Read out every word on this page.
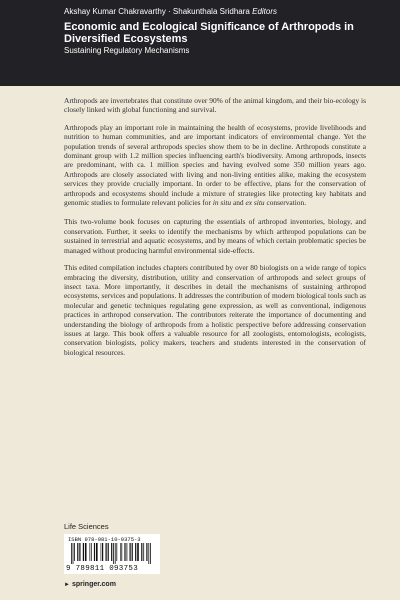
Akshay Kumar Chakravarthy · Shakunthala Sridhara Editors
Economic and Ecological Significance of Arthropods in Diversified Ecosystems
Sustaining Regulatory Mechanisms

Arthropods are invertebrates that constitute over 90% of the animal kingdom, and their bio-ecology is closely linked with global functioning and survival.

Arthropods play an important role in maintaining the health of ecosystems, provide livelihoods and nutrition to human communities, and are important indicators of environmental change. Yet the population trends of several arthropods species show them to be in decline. Arthropods constitute a dominant group with 1.2 million species influencing earth's biodiversity. Among arthropods, insects are predominant, with ca. 1 million species and having evolved some 350 million years ago. Arthropods are closely associated with living and non-living entities alike, making the ecosystem services they provide crucially important. In order to be effective, plans for the conservation of arthropods and ecosystems should include a mixture of strategies like protecting key habitats and genomic studies to formulate relevant policies for in situ and ex situ conservation.

This two-volume book focuses on capturing the essentials of arthropod inventories, biology, and conservation. Further, it seeks to identify the mechanisms by which arthropod populations can be sustained in terrestrial and aquatic ecosystems, and by means of which certain problematic species be managed without producing harmful environmental side-effects.

This edited compilation includes chapters contributed by over 80 biologists on a wide range of topics embracing the diversity, distribution, utility and conservation of arthropods and select groups of insect taxa. More importantly, it describes in detail the mechanisms of sustaining arthropod ecosystems, services and populations. It addresses the contribution of modern biological tools such as molecular and genetic techniques regulating gene expression, as well as conventional, indigenous practices in arthropod conservation. The contributors reiterate the importance of documenting and understanding the biology of arthropods from a holistic perspective before addressing conservation issues at large. This book offers a valuable resource for all zoologists, entomologists, ecologists, conservation biologists, policy makers, teachers and students interested in the conservation of biological resources.

Life Sciences
ISBN 978-981-10-9375-3
9 789811 093753
► springer.com
